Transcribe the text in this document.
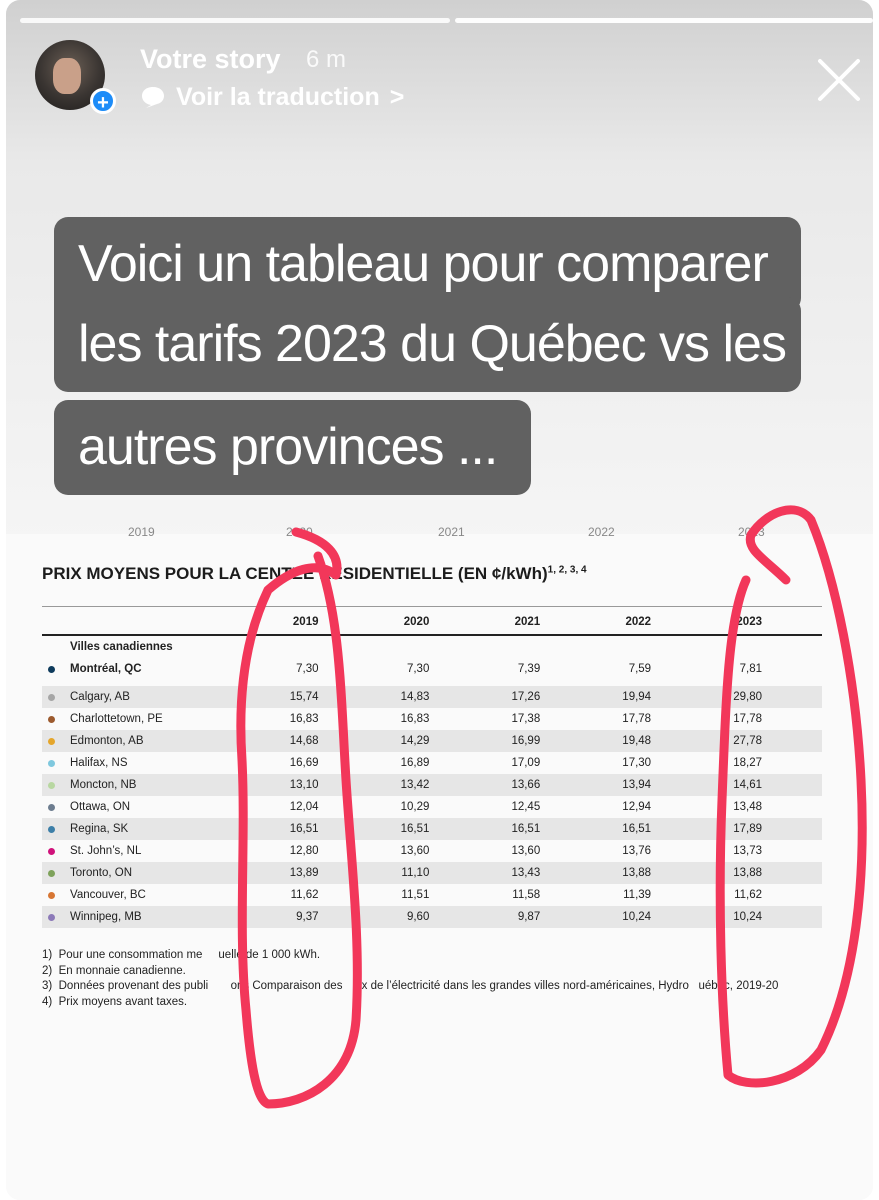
+
Votre story 6 m
Voir la traduction >
Voici un tableau pour comparer
les tarifs 2023 du Québec vs les
autres provinces ...
2019	2020	2021	2022	2023
PRIX MOYENS POUR LA CENTEE RÉSIDENTIELLE (EN ¢/kWh)$^{1, 2, 3, 4}$
	2019	2020	2021	2022	2023
Villes canadiennes					

Montréal, QC	7,30	7,30	7,39	7,59	7,81

Calgary, AB	15,74	14,83	17,26	19,94	29,80

Charlottetown, PE	16,83	16,83	17,38	17,78	17,78

Edmonton, AB	14,68	14,29	16,99	19,48	27,78

Halifax, NS	16,69	16,89	17,09	17,30	18,27

Moncton, NB	13,10	13,42	13,66	13,94	14,61

Ottawa, ON	12,04	10,29	12,45	12,94	13,48

Regina, SK	16,51	16,51	16,51	16,51	17,89

St. John’s, NL	12,80	13,60	13,60	13,76	13,73

Toronto, ON	13,89	11,10	13,43	13,88	13,88

Vancouver, BC	11,62	11,51	11,58	11,39	11,62

Winnipeg, MB	9,37	9,60	9,87	10,24	10,24
1)  Pour une consommation me     uelle de 1 000 kWh.
2)  En monnaie canadienne.
3)  Données provenant des publi       ons Comparaison des      x de l’électricité dans les grandes villes nord-américaines, Hydro   uébec, 2019-20
4)  Prix moyens avant taxes.
